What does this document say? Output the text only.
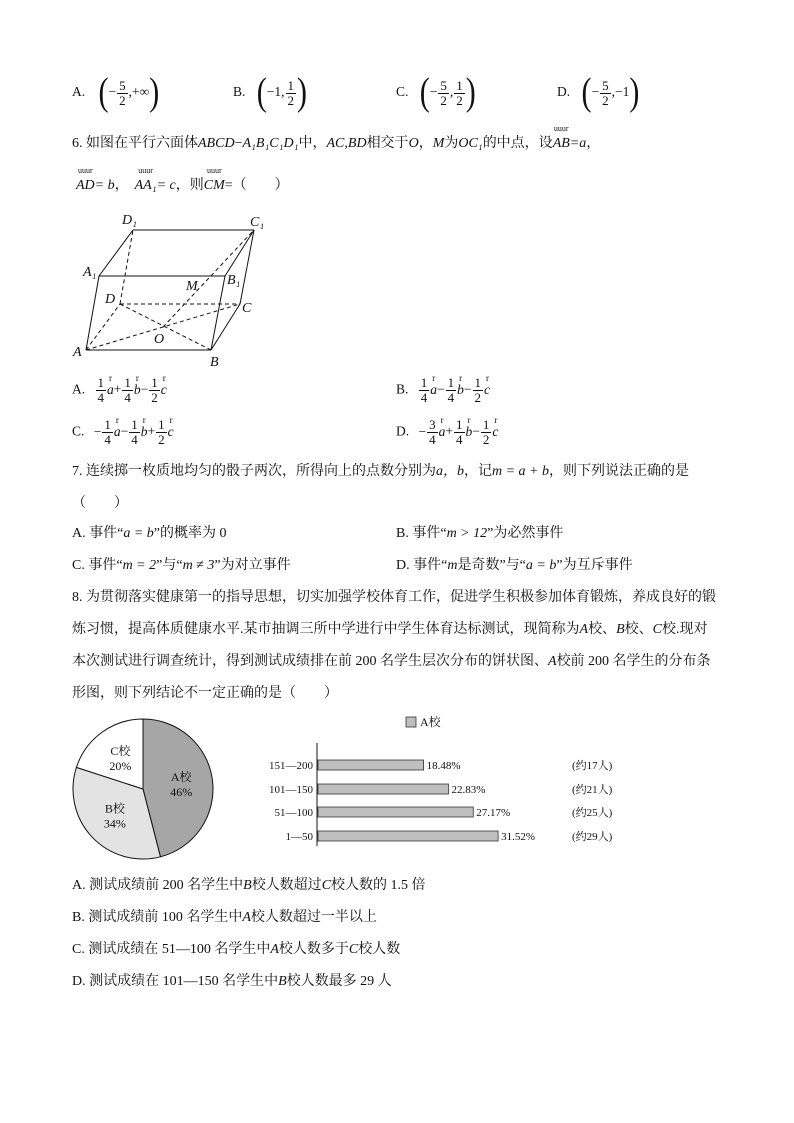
A. (− $\frac{5}{2}$ ,+∞)	B. (−1, $\frac{1}{2}$ )	C. (− $\frac{5}{2}$ , $\frac{1}{2}$ )	D. (− $\frac{5}{2} ,-1$)
6. 如图在平行六面体ABCD−A₁B₁C₁D₁中，AC,BD相交于O，M为OC₁的中点，设
uuur
AB=a，
uuur
AD= b，
uuur
AA₁= c，则
uuur
CM=（　　）
D₁	C₁
A₁
B₁
D
C
M
O
A
B
A. $\frac{1}{4}$ a
r
+ $\frac{1}{4}$ b
r
− $\frac{1}{2}$ c
r
B. $\frac{1}{4}$ a
r
− $\frac{1}{4}$ b
r
− $\frac{1}{2}$ c
r
C. − $\frac{1}{4}$ a
r
− $\frac{1}{4}$ b
r
+ $\frac{1}{2}$ c
r
D. − $\frac{3}{4}$ a
r
+ $\frac{1}{4}$ b
r
− $\frac{1}{2}$ c
r
7. 连续掷一枚质地均匀的骰子两次，所得向上的点数分别为a，b，记m = a + b，则下列说法正确的是
（　　）
A. 事件“a = b”的概率为 0	B. 事件“m > 12”为必然事件
C. 事件“m = 2”与“m ≠ 3”为对立事件	D. 事件“m是奇数”与“a = b”为互斥事件
8. 为贯彻落实健康第一的指导思想，切实加强学校体育工作，促进学生积极参加体育锻炼，养成良好的锻
炼习惯，提高体质健康水平.某市抽调三所中学进行中学生体育达标测试，现简称为A校、B校、C校.现对
本次测试进行调查统计，得到测试成绩排在前 200 名学生层次分布的饼状图、A校前 200 名学生的分布条
形图，则下列结论不一定正确的是（　　）
A校
46%
B校
34%
C校
20%
A校
151—200	18.48%	(约17人)
101—150	22.83%	(约21人)
51—100	27.17%	(约25人)
1—50	31.52%	(约29人)
A. 测试成绩前 200 名学生中B校人数超过C校人数的 1.5 倍
B. 测试成绩前 100 名学生中A校人数超过一半以上
C. 测试成绩在 51—100 名学生中A校人数多于C校人数
D. 测试成绩在 101—150 名学生中B校人数最多 29 人
